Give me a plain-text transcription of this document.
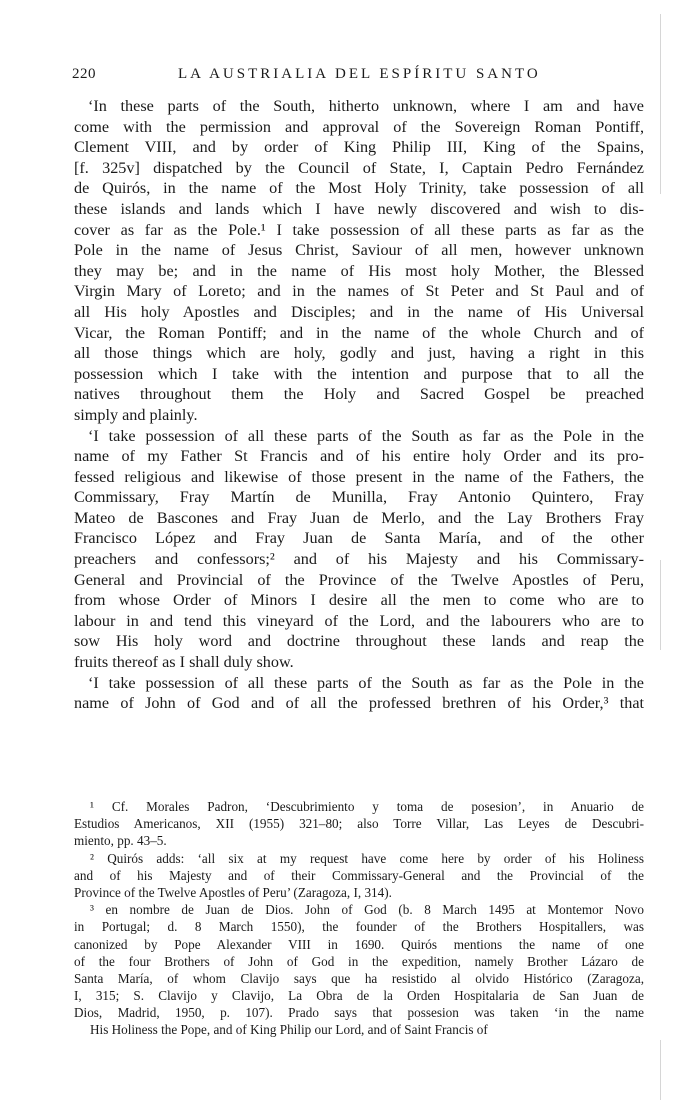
220	LA AUSTRIALIA DEL ESPÍRITU SANTO
‘In these parts of the South, hitherto unknown, where I am and have
come with the permission and approval of the Sovereign Roman Pontiff,
Clement VIII, and by order of King Philip III, King of the Spains,
[f. 325v] dispatched by the Council of State, I, Captain Pedro Fernández
de Quirós, in the name of the Most Holy Trinity, take possession of all
these islands and lands which I have newly discovered and wish to dis-
cover as far as the Pole.¹ I take possession of all these parts as far as the
Pole in the name of Jesus Christ, Saviour of all men, however unknown
they may be; and in the name of His most holy Mother, the Blessed
Virgin Mary of Loreto; and in the names of St Peter and St Paul and of
all His holy Apostles and Disciples; and in the name of His Universal
Vicar, the Roman Pontiff; and in the name of the whole Church and of
all those things which are holy, godly and just, having a right in this
possession which I take with the intention and purpose that to all the
natives throughout them the Holy and Sacred Gospel be preached
simply and plainly.
‘I take possession of all these parts of the South as far as the Pole in the
name of my Father St Francis and of his entire holy Order and its pro-
fessed religious and likewise of those present in the name of the Fathers, the
Commissary, Fray Martín de Munilla, Fray Antonio Quintero, Fray
Mateo de Bascones and Fray Juan de Merlo, and the Lay Brothers Fray
Francisco López and Fray Juan de Santa María, and of the other
preachers and confessors;² and of his Majesty and his Commissary-
General and Provincial of the Province of the Twelve Apostles of Peru,
from whose Order of Minors I desire all the men to come who are to
labour in and tend this vineyard of the Lord, and the labourers who are to
sow His holy word and doctrine throughout these lands and reap the
fruits thereof as I shall duly show.
‘I take possession of all these parts of the South as far as the Pole in the
name of John of God and of all the professed brethren of his Order,³ that
¹ Cf. Morales Padron, ‘Descubrimiento y toma de posesion’, in Anuario de
Estudios Americanos, XII (1955) 321–80; also Torre Villar, Las Leyes de Descubri-
miento, pp. 43–5.
² Quirós adds: ‘all six at my request have come here by order of his Holiness
and of his Majesty and of their Commissary-General and the Provincial of the
Province of the Twelve Apostles of Peru’ (Zaragoza, I, 314).
³ en nombre de Juan de Dios. John of God (b. 8 March 1495 at Montemor Novo
in Portugal; d. 8 March 1550), the founder of the Brothers Hospitallers, was
canonized by Pope Alexander VIII in 1690. Quirós mentions the name of one
of the four Brothers of John of God in the expedition, namely Brother Lázaro de
Santa María, of whom Clavijo says que ha resistido al olvido Histórico (Zaragoza,
I, 315; S. Clavijo y Clavijo, La Obra de la Orden Hospitalaria de San Juan de
Dios, Madrid, 1950, p. 107). Prado says that possesion was taken ‘in the name
His Holiness the Pope, and of King Philip our Lord, and of Saint Francis of
